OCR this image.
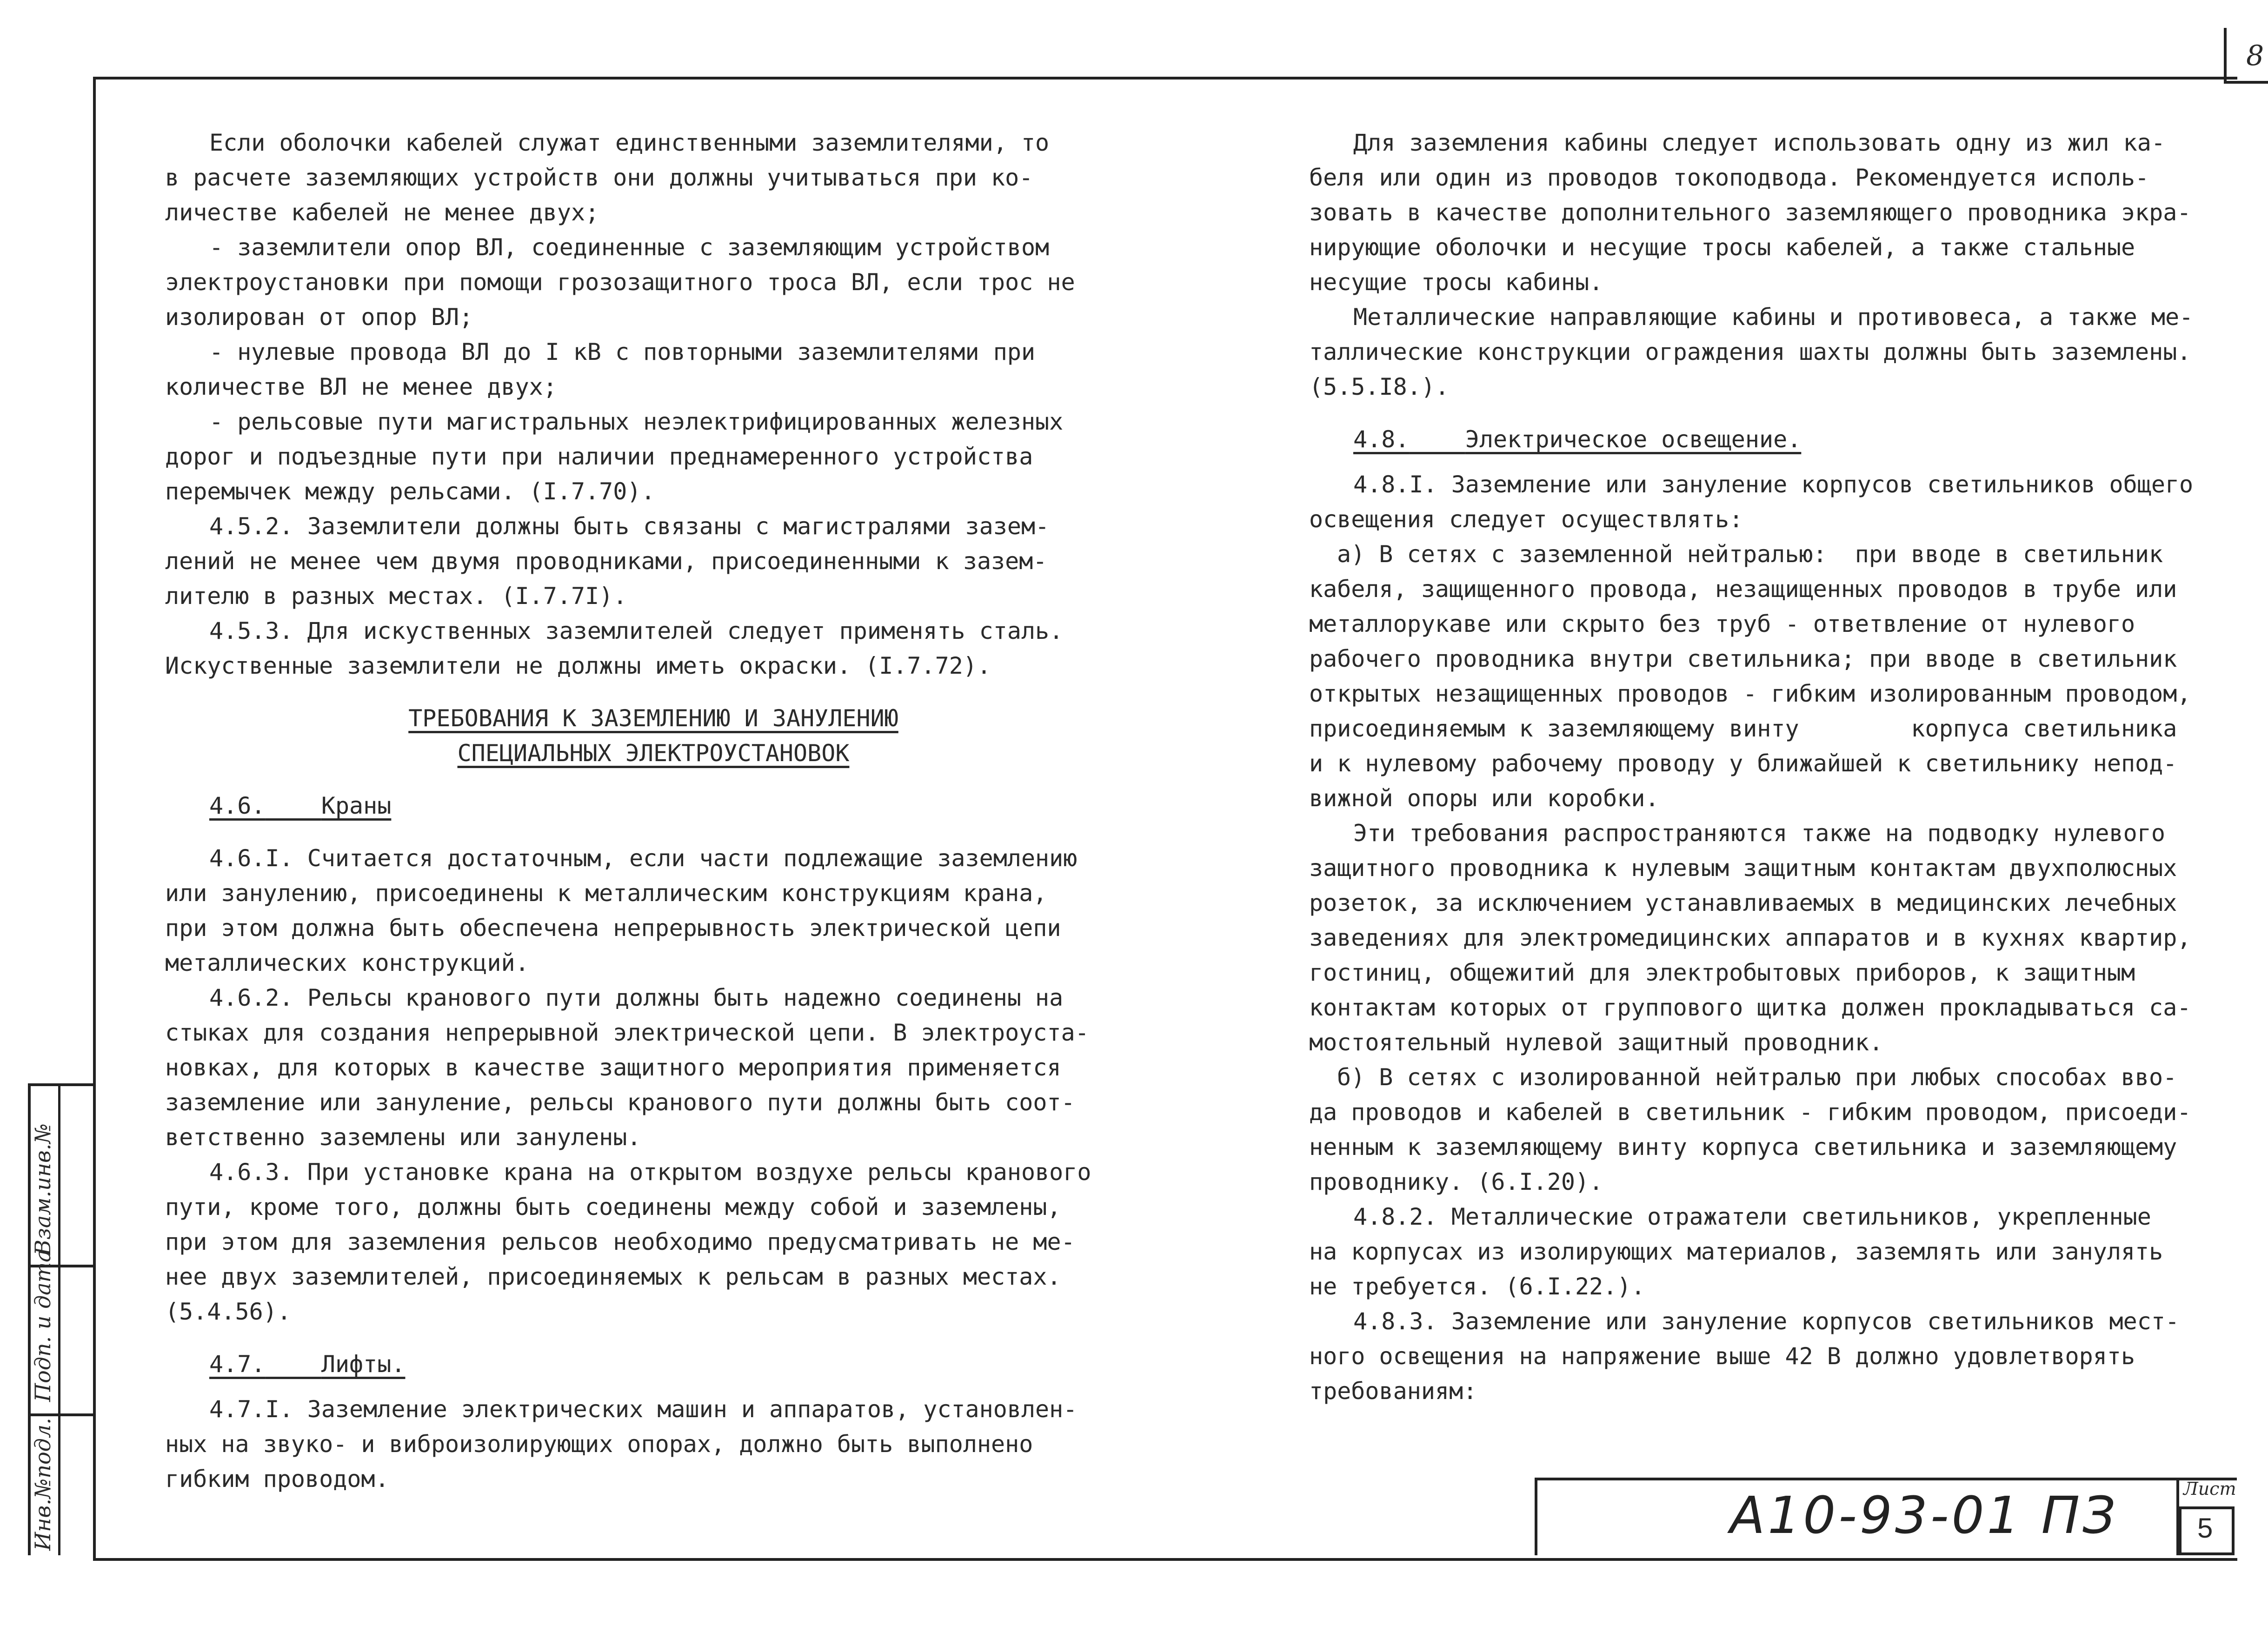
8

Если оболочки кабелей служат единственными заземлителями, то

в расчете заземляющих устройств они должны учитываться при ко-

личестве кабелей не менее двух;

- заземлители опор ВЛ, соединенные с заземляющим устройством

электроустановки при помощи грозозащитного троса ВЛ, если трос не

изолирован от опор ВЛ;

- нулевые провода ВЛ до I кВ с повторными заземлителями при

количестве ВЛ не менее двух;

- рельсовые пути магистральных неэлектрифицированных железных

дорог и подъездные пути при наличии преднамеренного устройства

перемычек между рельсами. (I.7.70).

4.5.2. Заземлители должны быть связаны с магистралями зазем-

лений не менее чем двумя проводниками, присоединенными к зазем-

лителю в разных местах. (I.7.7I).

4.5.3. Для искуственных заземлителей следует применять сталь.

Искуственные заземлители не должны иметь окраски. (I.7.72).

ТРЕБОВАНИЯ К ЗАЗЕМЛЕНИЮ И ЗАНУЛЕНИЮ

СПЕЦИАЛЬНЫХ ЭЛЕКТРОУСТАНОВОК

4.6. Краны

4.6.I. Считается достаточным, если части подлежащие заземлению

или занулению, присоединены к металлическим конструкциям крана,

при этом должна быть обеспечена непрерывность электрической цепи

металлических конструкций.

4.6.2. Рельсы кранового пути должны быть надежно соединены на

стыках для создания непрерывной электрической цепи. В электроуста-

новках, для которых в качестве защитного мероприятия применяется

заземление или зануление, рельсы кранового пути должны быть соот-

ветственно заземлены или занулены.

4.6.3. При установке крана на открытом воздухе рельсы кранового

пути, кроме того, должны быть соединены между собой и заземлены,

при этом для заземления рельсов необходимо предусматривать не ме-

нее двух заземлителей, присоединяемых к рельсам в разных местах.

(5.4.56).

4.7. Лифты.

4.7.I. Заземление электрических машин и аппаратов, установлен-

ных на звуко- и виброизолирующих опорах, должно быть выполнено

гибким проводом.

Для заземления кабины следует использовать одну из жил ка-

беля или один из проводов токоподвода. Рекомендуется исполь-

зовать в качестве дополнительного заземляющего проводника экра-

нирующие оболочки и несущие тросы кабелей, а также стальные

несущие тросы кабины.

Металлические направляющие кабины и противовеса, а также ме-

таллические конструкции ограждения шахты должны быть заземлены.

(5.5.I8.).

4.8. Электрическое освещение.

4.8.I. Заземление или зануление корпусов светильников общего

освещения следует осуществлять:

а) В сетях с заземленной нейтралью:  при вводе в светильник

кабеля, защищенного провода, незащищенных проводов в трубе или

металлорукаве или скрыто без труб - ответвление от нулевого

рабочего проводника внутри светильника; при вводе в светильник

открытых незащищенных проводов - гибким изолированным проводом,

присоединяемым к заземляющему винту        корпуса светильника

и к нулевому рабочему проводу у ближайшей к светильнику непод-

вижной опоры или коробки.

Эти требования распространяются также на подводку нулевого

защитного проводника к нулевым защитным контактам двухполюсных

розеток, за исключением устанавливаемых в медицинских лечебных

заведениях для электромедицинских аппаратов и в кухнях квартир,

гостиниц, общежитий для электробытовых приборов, к защитным

контактам которых от группового щитка должен прокладываться са-

мостоятельный нулевой защитный проводник.

б) В сетях с изолированной нейтралью при любых способах вво-

да проводов и кабелей в светильник - гибким проводом, присоеди-

ненным к заземляющему винту корпуса светильника и заземляющему

проводнику. (6.I.20).

4.8.2. Металлические отражатели светильников, укрепленные

на корпусах из изолирующих материалов, заземлять или занулять

не требуется. (6.I.22.).

4.8.3. Заземление или зануление корпусов светильников мест-

ного освещения на напряжение выше 42 В должно удовлетворять

требованиям:

А10-93-01 ПЗ	Лист
5
Взам.инв.№
Подп. и дата
Инв.№подл.
